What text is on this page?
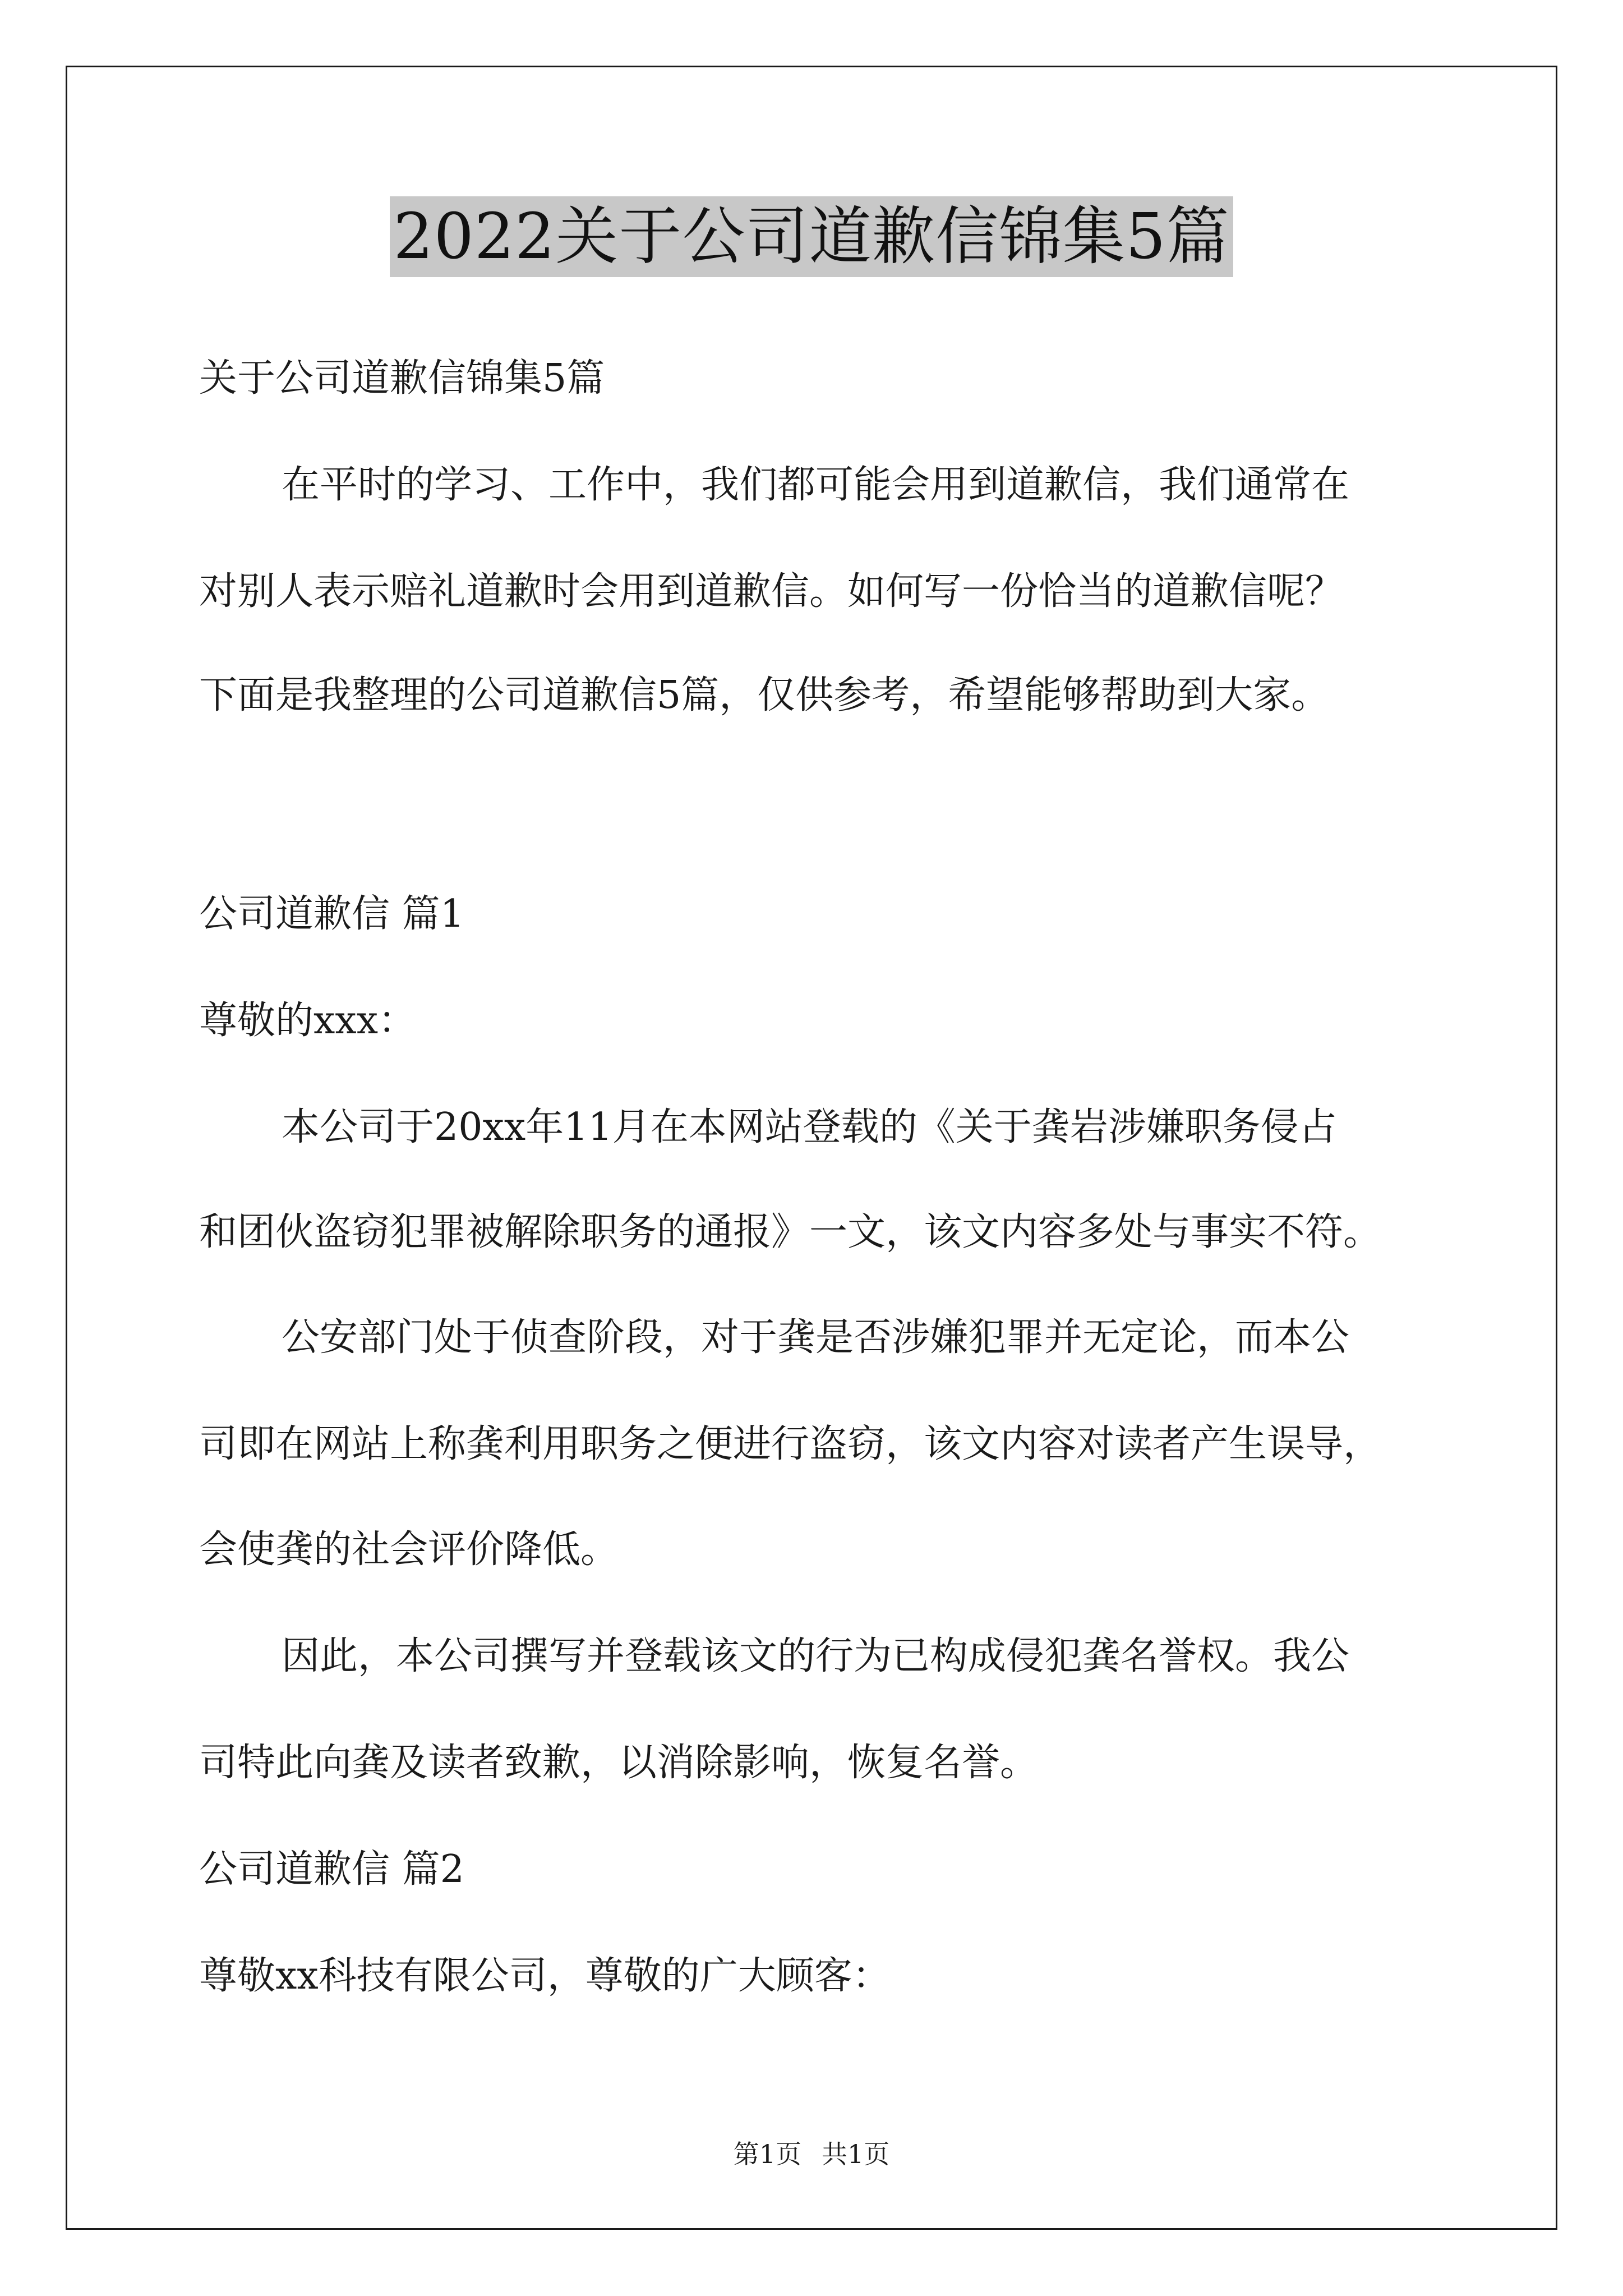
2022关于公司道歉信锦集5篇
关于公司道歉信锦集5篇
在平时的学习、工作中，我们都可能会用到道歉信，我们通常在
对别人表示赔礼道歉时会用到道歉信。如何写一份恰当的道歉信呢？
下面是我整理的公司道歉信5篇，仅供参考，希望能够帮助到大家。
公司道歉信 篇1
尊敬的xxx：
本公司于20xx年11月在本网站登载的《关于龚岩涉嫌职务侵占
和团伙盗窃犯罪被解除职务的通报》一文，该文内容多处与事实不符。
公安部门处于侦查阶段，对于龚是否涉嫌犯罪并无定论，而本公
司即在网站上称龚利用职务之便进行盗窃，该文内容对读者产生误导，
会使龚的社会评价降低。
因此，本公司撰写并登载该文的行为已构成侵犯龚名誉权。我公
司特此向龚及读者致歉，以消除影响，恢复名誉。
公司道歉信 篇2
尊敬xx科技有限公司，尊敬的广大顾客：
第1页 共1页
